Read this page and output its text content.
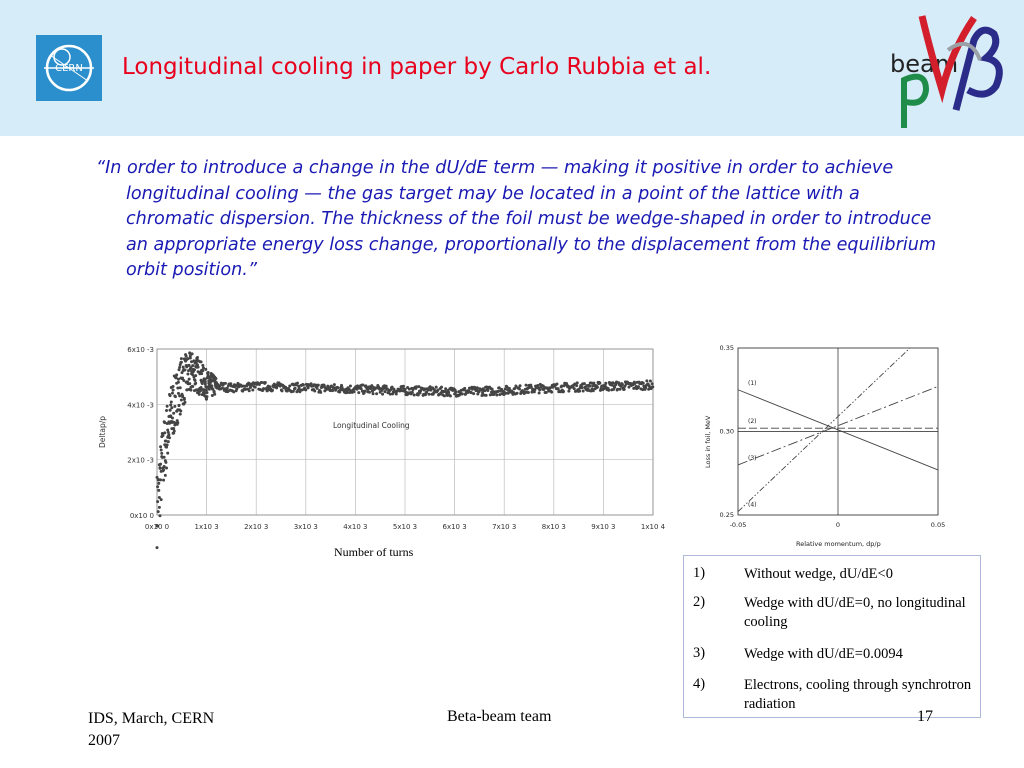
CERN Longitudinal cooling in paper by Carlo Rubbia et al.	beam

“In order to introduce a change in the dU/dE term — making it positive in order to achieve longitudinal cooling — the gas target may be located in a point of the lattice with a chromatic dispersion. The thickness of the foil must be wedge-shaped in order to introduce an appropriate energy loss change, proportionally to the displacement from the equilibrium orbit position.”

0x10 0	1x10 3	2x10 3	3x10 3	4x10 3	5x10 3	6x10 3	7x10 3	8x10 3	9x10 3	1x10 4
0x10 0
2x10 -3
4x10 -3
6x10 -3
Longitudinal Cooling
Deltap/p
Number of turns
(1)
(2)
(3)
(4)
-0.05	0	0.05
0.25
0.30
0.35
Relative momentum, dp/p
Loss in foil, MeV
1)	Without wedge, dU/dE<0
2)	Wedge with dU/dE=0, no longitudinal cooling
3)	Wedge with dU/dE=0.0094
4)	Electrons, cooling through synchrotron radiation
IDS, March, CERN 2007
Beta-beam team	17
